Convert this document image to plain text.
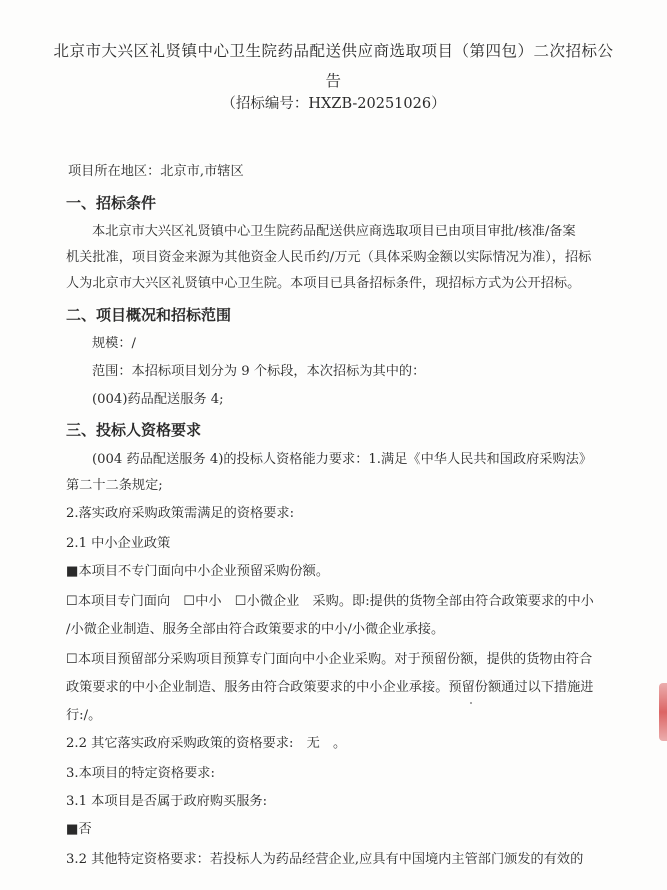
北京市大兴区礼贤镇中心卫生院药品配送供应商选取项目（第四包）二次招标公告
（招标编号：HXZB-20251026）
项目所在地区：北京市,市辖区
一、招标条件
本北京市大兴区礼贤镇中心卫生院药品配送供应商选取项目已由项目审批/核准/备案
机关批准，项目资金来源为其他资金人民币约/万元（具体采购金额以实际情况为准），招标
人为北京市大兴区礼贤镇中心卫生院。本项目已具备招标条件，现招标方式为公开招标。
二、项目概况和招标范围
规模：/
范围：本招标项目划分为 9 个标段，本次招标为其中的：
(004)药品配送服务 4;
三、投标人资格要求
(004 药品配送服务 4)的投标人资格能力要求：1.满足《中华人民共和国政府采购法》
第二十二条规定;
2.落实政府采购政策需满足的资格要求:
2.1 中小企业政策
■本项目不专门面向中小企业预留采购份额。
☐本项目专门面向　☐中小　☐小微企业　采购。即:提供的货物全部由符合政策要求的中小
/小微企业制造、服务全部由符合政策要求的中小/小微企业承接。
☐本项目预留部分采购项目预算专门面向中小企业采购。对于预留份额，提供的货物由符合
政策要求的中小企业制造、服务由符合政策要求的中小企业承接。预留份额通过以下措施进
行:/。
2.2 其它落实政府采购政策的资格要求:　无　。
3.本项目的特定资格要求:
3.1 本项目是否属于政府购买服务:
■否
3.2 其他特定资格要求：若投标人为药品经营企业,应具有中国境内主管部门颁发的有效的
